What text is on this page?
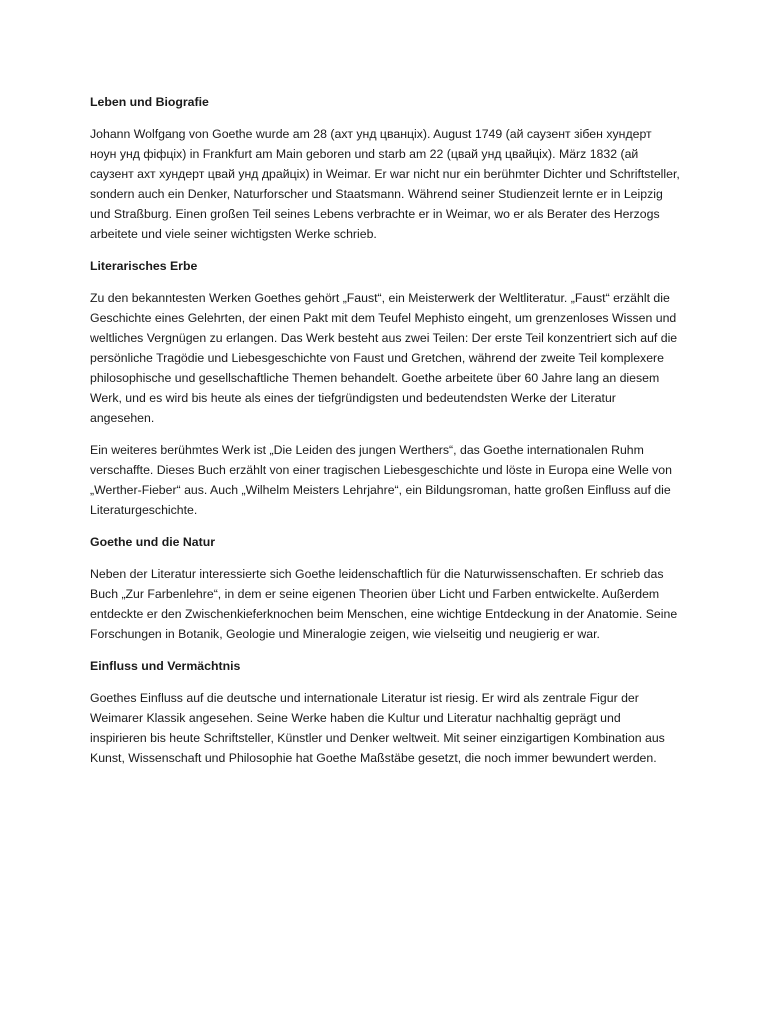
Leben und Biografie

Johann Wolfgang von Goethe wurde am 28 (ахт унд цванцiх). August 1749 (ай саузент зiбен хундерт ноун унд фiфцiх) in Frankfurt am Main geboren und starb am 22 (цвай унд цвайцiх). März 1832 (ай саузент ахт хундерт цвай унд драйцiх) in Weimar. Er war nicht nur ein berühmter Dichter und Schriftsteller, sondern auch ein Denker, Naturforscher und Staatsmann. Während seiner Studienzeit lernte er in Leipzig und Straßburg. Einen großen Teil seines Lebens verbrachte er in Weimar, wo er als Berater des Herzogs arbeitete und viele seiner wichtigsten Werke schrieb.

Literarisches Erbe

Zu den bekanntesten Werken Goethes gehört „Faust“, ein Meisterwerk der Weltliteratur. „Faust“ erzählt die Geschichte eines Gelehrten, der einen Pakt mit dem Teufel Mephisto eingeht, um grenzenloses Wissen und weltliches Vergnügen zu erlangen. Das Werk besteht aus zwei Teilen: Der erste Teil konzentriert sich auf die persönliche Tragödie und Liebesgeschichte von Faust und Gretchen, während der zweite Teil komplexere philosophische und gesellschaftliche Themen behandelt. Goethe arbeitete über 60 Jahre lang an diesem Werk, und es wird bis heute als eines der tiefgründigsten und bedeutendsten Werke der Literatur angesehen.

Ein weiteres berühmtes Werk ist „Die Leiden des jungen Werthers“, das Goethe internationalen Ruhm verschaffte. Dieses Buch erzählt von einer tragischen Liebesgeschichte und löste in Europa eine Welle von „Werther-Fieber“ aus. Auch „Wilhelm Meisters Lehrjahre“, ein Bildungsroman, hatte großen Einfluss auf die Literaturgeschichte.

Goethe und die Natur

Neben der Literatur interessierte sich Goethe leidenschaftlich für die Naturwissenschaften. Er schrieb das Buch „Zur Farbenlehre“, in dem er seine eigenen Theorien über Licht und Farben entwickelte. Außerdem entdeckte er den Zwischenkieferknochen beim Menschen, eine wichtige Entdeckung in der Anatomie. Seine Forschungen in Botanik, Geologie und Mineralogie zeigen, wie vielseitig und neugierig er war.

Einfluss und Vermächtnis

Goethes Einfluss auf die deutsche und internationale Literatur ist riesig. Er wird als zentrale Figur der Weimarer Klassik angesehen. Seine Werke haben die Kultur und Literatur nachhaltig geprägt und inspirieren bis heute Schriftsteller, Künstler und Denker weltweit. Mit seiner einzigartigen Kombination aus Kunst, Wissenschaft und Philosophie hat Goethe Maßstäbe gesetzt, die noch immer bewundert werden.
